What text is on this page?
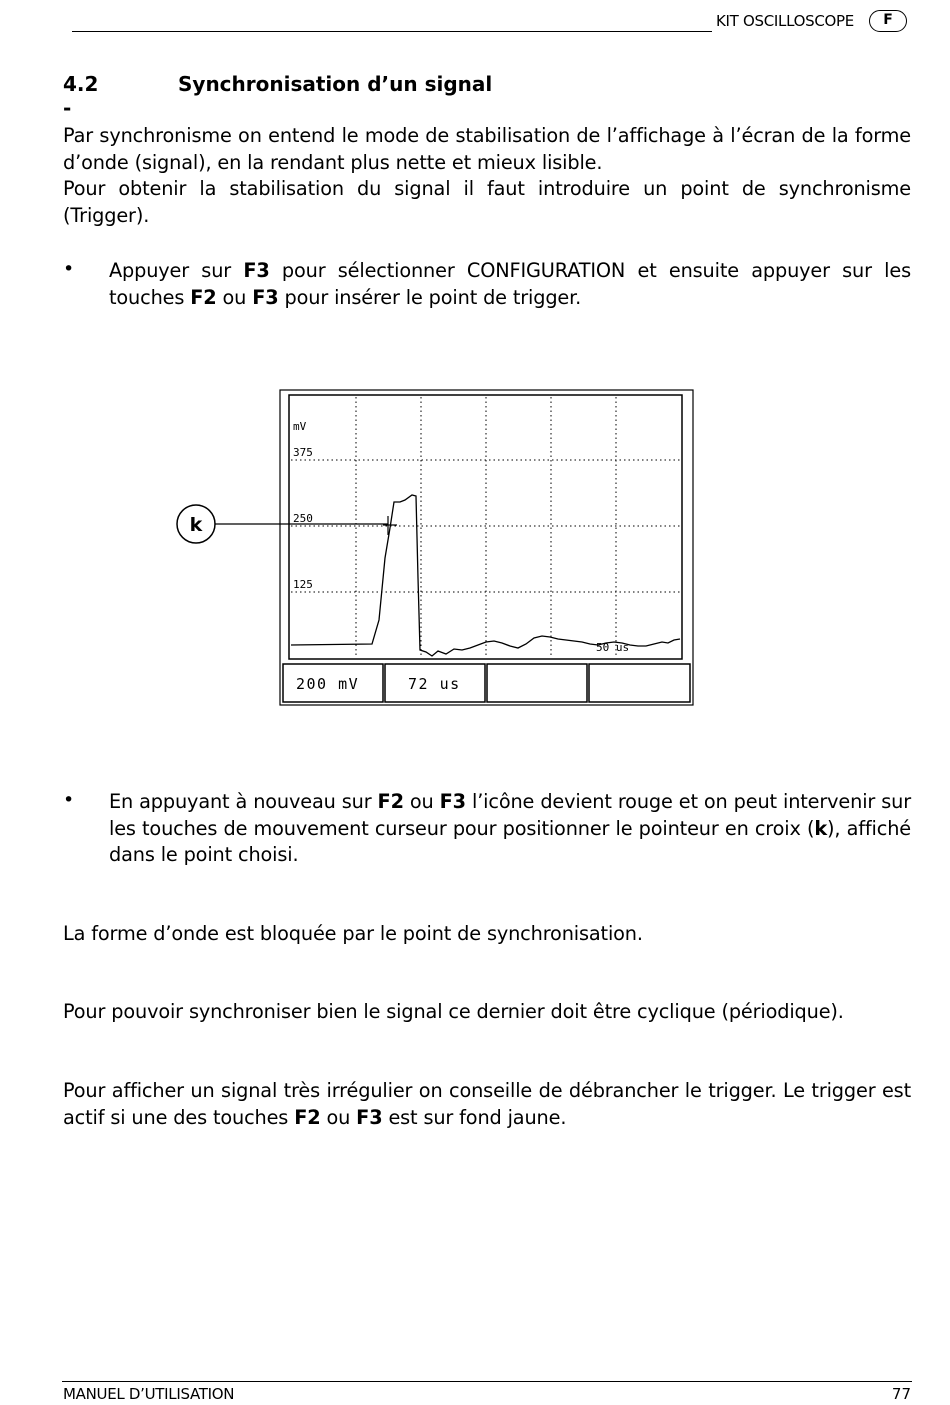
KIT OSCILLOSCOPE	F
4.2 -
Synchronisation d’un signal

Par synchronisme on entend le mode de stabilisation de l’affichage à l’écran de la forme d’onde (signal), en la rendant plus nette et mieux lisible.

Pour obtenir la stabilisation du signal il faut introduire un point de synchronisme (Trigger).

• Appuyer sur F3 pour sélectionner CONFIGURATION et ensuite appuyer sur les touches F2 ou F3 pour insérer le point de trigger.

mV
375
250
125
50 us
k
200 mV	72 us
• En appuyant à nouveau sur F2 ou F3 l’icône devient rouge et on peut intervenir sur les touches de mouvement curseur pour positionner le pointeur en croix (k), affiché dans le point choisi.

La forme d’onde est bloquée par le point de synchronisation.

Pour pouvoir synchroniser bien le signal ce dernier doit être cyclique (périodique).

Pour afficher un signal très irrégulier on conseille de débrancher le trigger. Le trigger est actif si une des touches F2 ou F3 est sur fond jaune.

MANUEL D’UTILISATION	77
